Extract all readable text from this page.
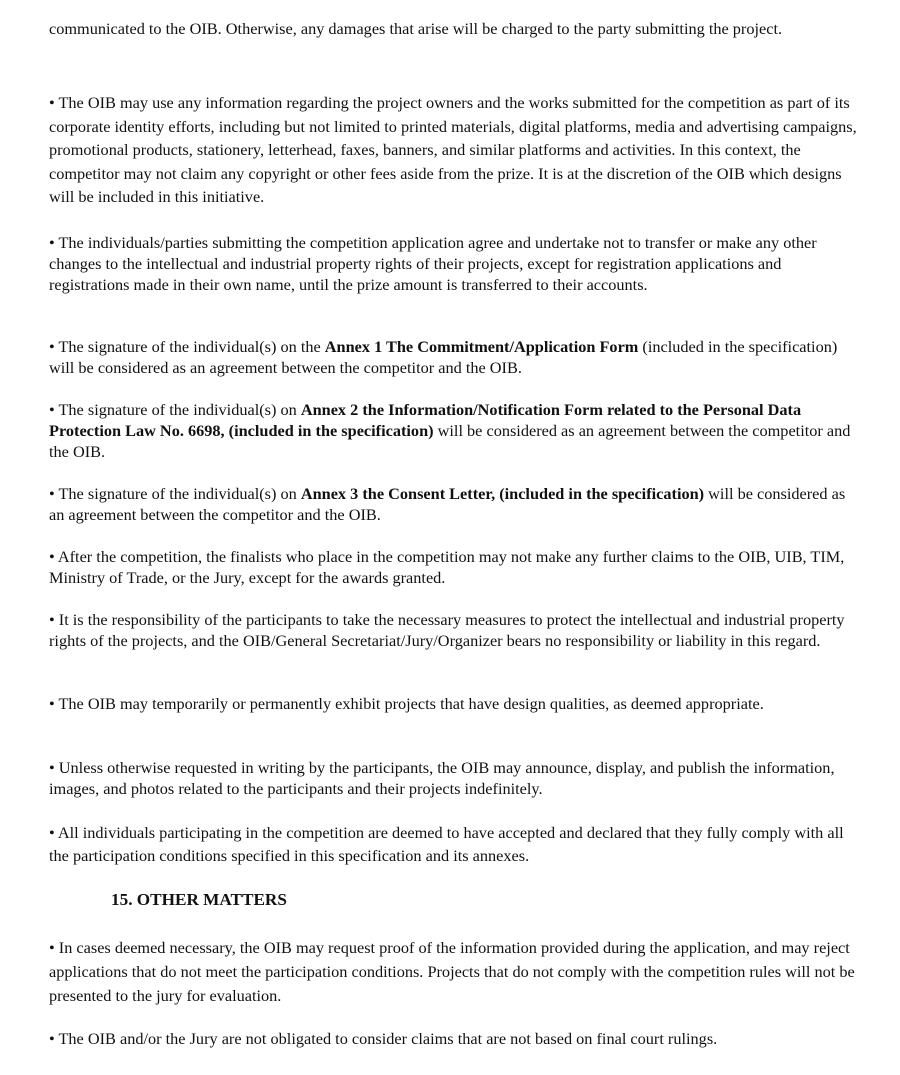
communicated to the OIB. Otherwise, any damages that arise will be charged to the party submitting the project.

• The OIB may use any information regarding the project owners and the works submitted for the competition as part of its corporate identity efforts, including but not limited to printed materials, digital platforms, media and advertising campaigns, promotional products, stationery, letterhead, faxes, banners, and similar platforms and activities. In this context, the competitor may not claim any copyright or other fees aside from the prize. It is at the discretion of the OIB which designs will be included in this initiative.

• The individuals/parties submitting the competition application agree and undertake not to transfer or make any other changes to the intellectual and industrial property rights of their projects, except for registration applications and registrations made in their own name, until the prize amount is transferred to their accounts.

• The signature of the individual(s) on the Annex 1 The Commitment/Application Form (included in the specification) will be considered as an agreement between the competitor and the OIB.

• The signature of the individual(s) on Annex 2 the Information/Notification Form related to the Personal Data Protection Law No. 6698, (included in the specification) will be considered as an agreement between the competitor and the OIB.

• The signature of the individual(s) on Annex 3 the Consent Letter, (included in the specification) will be considered as an agreement between the competitor and the OIB.

• After the competition, the finalists who place in the competition may not make any further claims to the OIB, UIB, TIM, Ministry of Trade, or the Jury, except for the awards granted.

• It is the responsibility of the participants to take the necessary measures to protect the intellectual and industrial property rights of the projects, and the OIB/General Secretariat/Jury/Organizer bears no responsibility or liability in this regard.

• The OIB may temporarily or permanently exhibit projects that have design qualities, as deemed appropriate.

• Unless otherwise requested in writing by the participants, the OIB may announce, display, and publish the information, images, and photos related to the participants and their projects indefinitely.

• All individuals participating in the competition are deemed to have accepted and declared that they fully comply with all the participation conditions specified in this specification and its annexes.

15. OTHER MATTERS

• In cases deemed necessary, the OIB may request proof of the information provided during the application, and may reject applications that do not meet the participation conditions. Projects that do not comply with the competition rules will not be presented to the jury for evaluation.

• The OIB and/or the Jury are not obligated to consider claims that are not based on final court rulings.
